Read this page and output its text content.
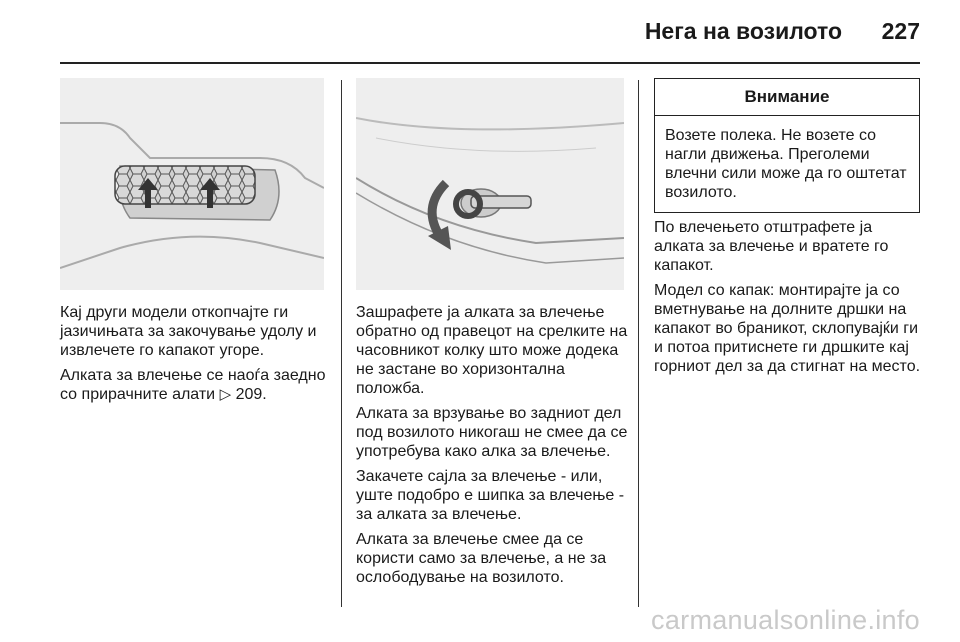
Нега на возилото 227

Кај други модели откопчајте ги јазичињата за закочување удолу и извлечете го капакот угоре.

Алката за влечење се наоѓа заедно со прирачните алати ▷ 209.

Зашрафете ја алката за влечење обратно од правецот на срелките на часовникот колку што може додека не застане во хоризонтална положба.

Алката за врзување во задниот дел под возилото никогаш не смее да се употребува како алка за влечење.

Закачете сајла за влечење - или, уште подобро е шипка за влечење - за алката за влечење.

Алката за влечење смее да се користи само за влечење, а не за ослободување на возилото.

Внимание
Возете полека. Не возете со нагли движења. Преголеми влечни сили може да го оштетат возилото.

По влечењето отштрафете ја алката за влечење и вратете го капакот.

Модел со капак: монтирајте ја со вметнување на долните дршки на капакот во браникот, склопувајќи ги и потоа притиснете ги дршките кај горниот дел за да стигнат на место.

carmanualsonline.info
